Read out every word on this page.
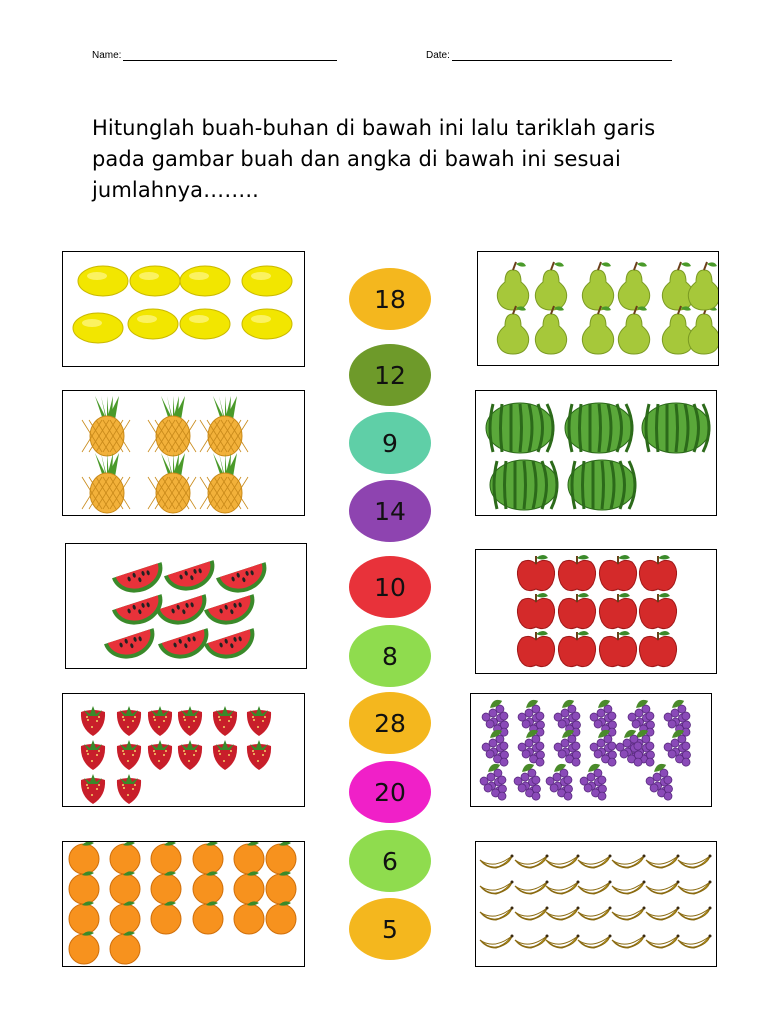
Name:	Date:
Hitunglah buah-buhan di bawah ini lalu tariklah garis pada gambar buah dan angka di bawah ini sesuai jumlahnya……..
18
12
9
14
10
8
28
20
6
5
